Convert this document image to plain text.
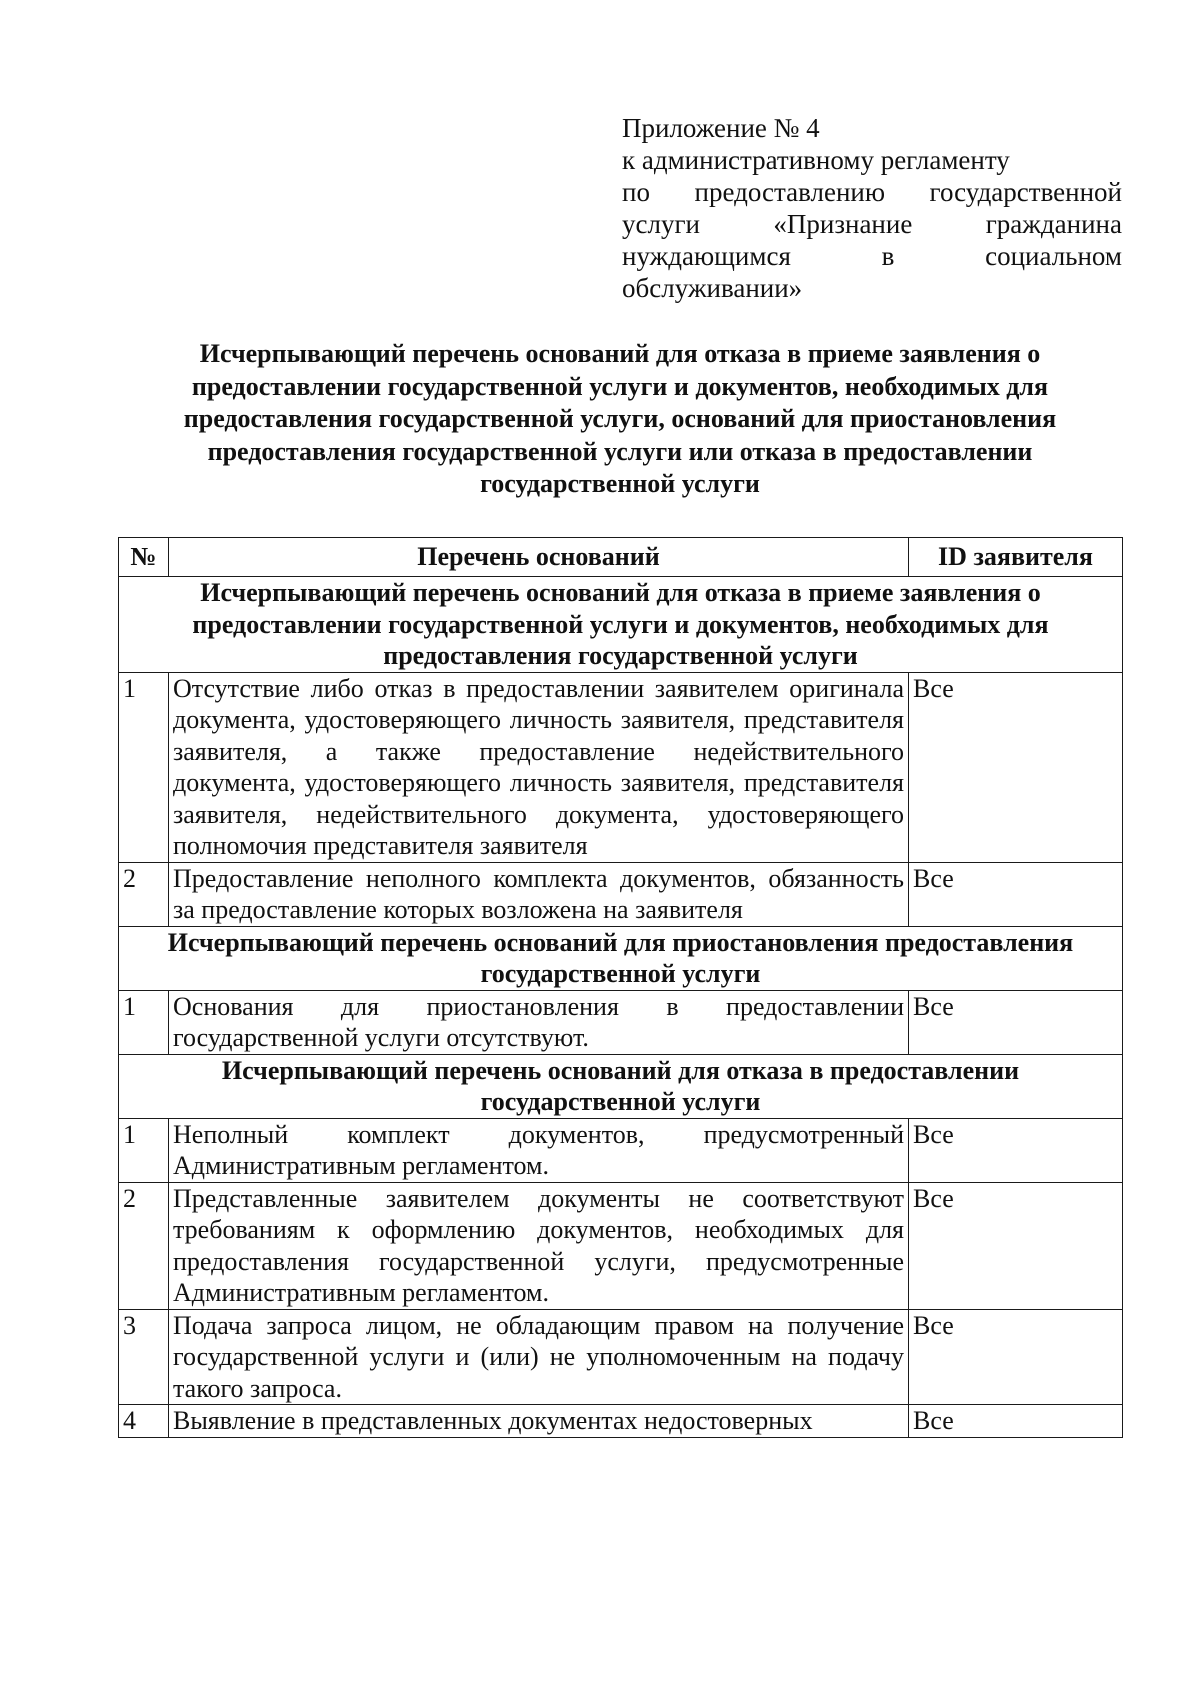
Приложение № 4
к административному регламенту
по предоставлению государственной
услуги «Признание гражданина
нуждающимся в социальном
обслуживании»
Исчерпывающий перечень оснований для отказа в приеме заявления о предоставлении государственной услуги и документов, необходимых для предоставления государственной услуги, оснований для приостановления предоставления государственной услуги или отказа в предоставлении государственной услуги
№	Перечень оснований	ID заявителя
Исчерпывающий перечень оснований для отказа в приеме заявления о предоставлении государственной услуги и документов, необходимых для предоставления государственной услуги		
1	Отсутствие либо отказ в предоставлении заявителем оригинала документа, удостоверяющего личность заявителя, представителя заявителя, а также предоставление недействительного документа, удостоверяющего личность заявителя, представителя заявителя, недействительного документа, удостоверяющего полномочия представителя заявителя	Все
2	Предоставление неполного комплекта документов, обязанность за предоставление которых возложена на заявителя	Все
Исчерпывающий перечень оснований для приостановления предоставления государственной услуги		
1	Основания для приостановления в предоставлении государственной услуги отсутствуют.	Все
Исчерпывающий перечень оснований для отказа в предоставлении государственной услуги		
1	Неполный комплект документов, предусмотренный Административным регламентом.	Все
2	Представленные заявителем документы не соответствуют требованиям к оформлению документов, необходимых для предоставления государственной услуги, предусмотренные Административным регламентом.	Все
3	Подача запроса лицом, не обладающим правом на получение государственной услуги и (или) не уполномоченным на подачу такого запроса.	Все
4	Выявление в представленных документах недостоверных	Все
